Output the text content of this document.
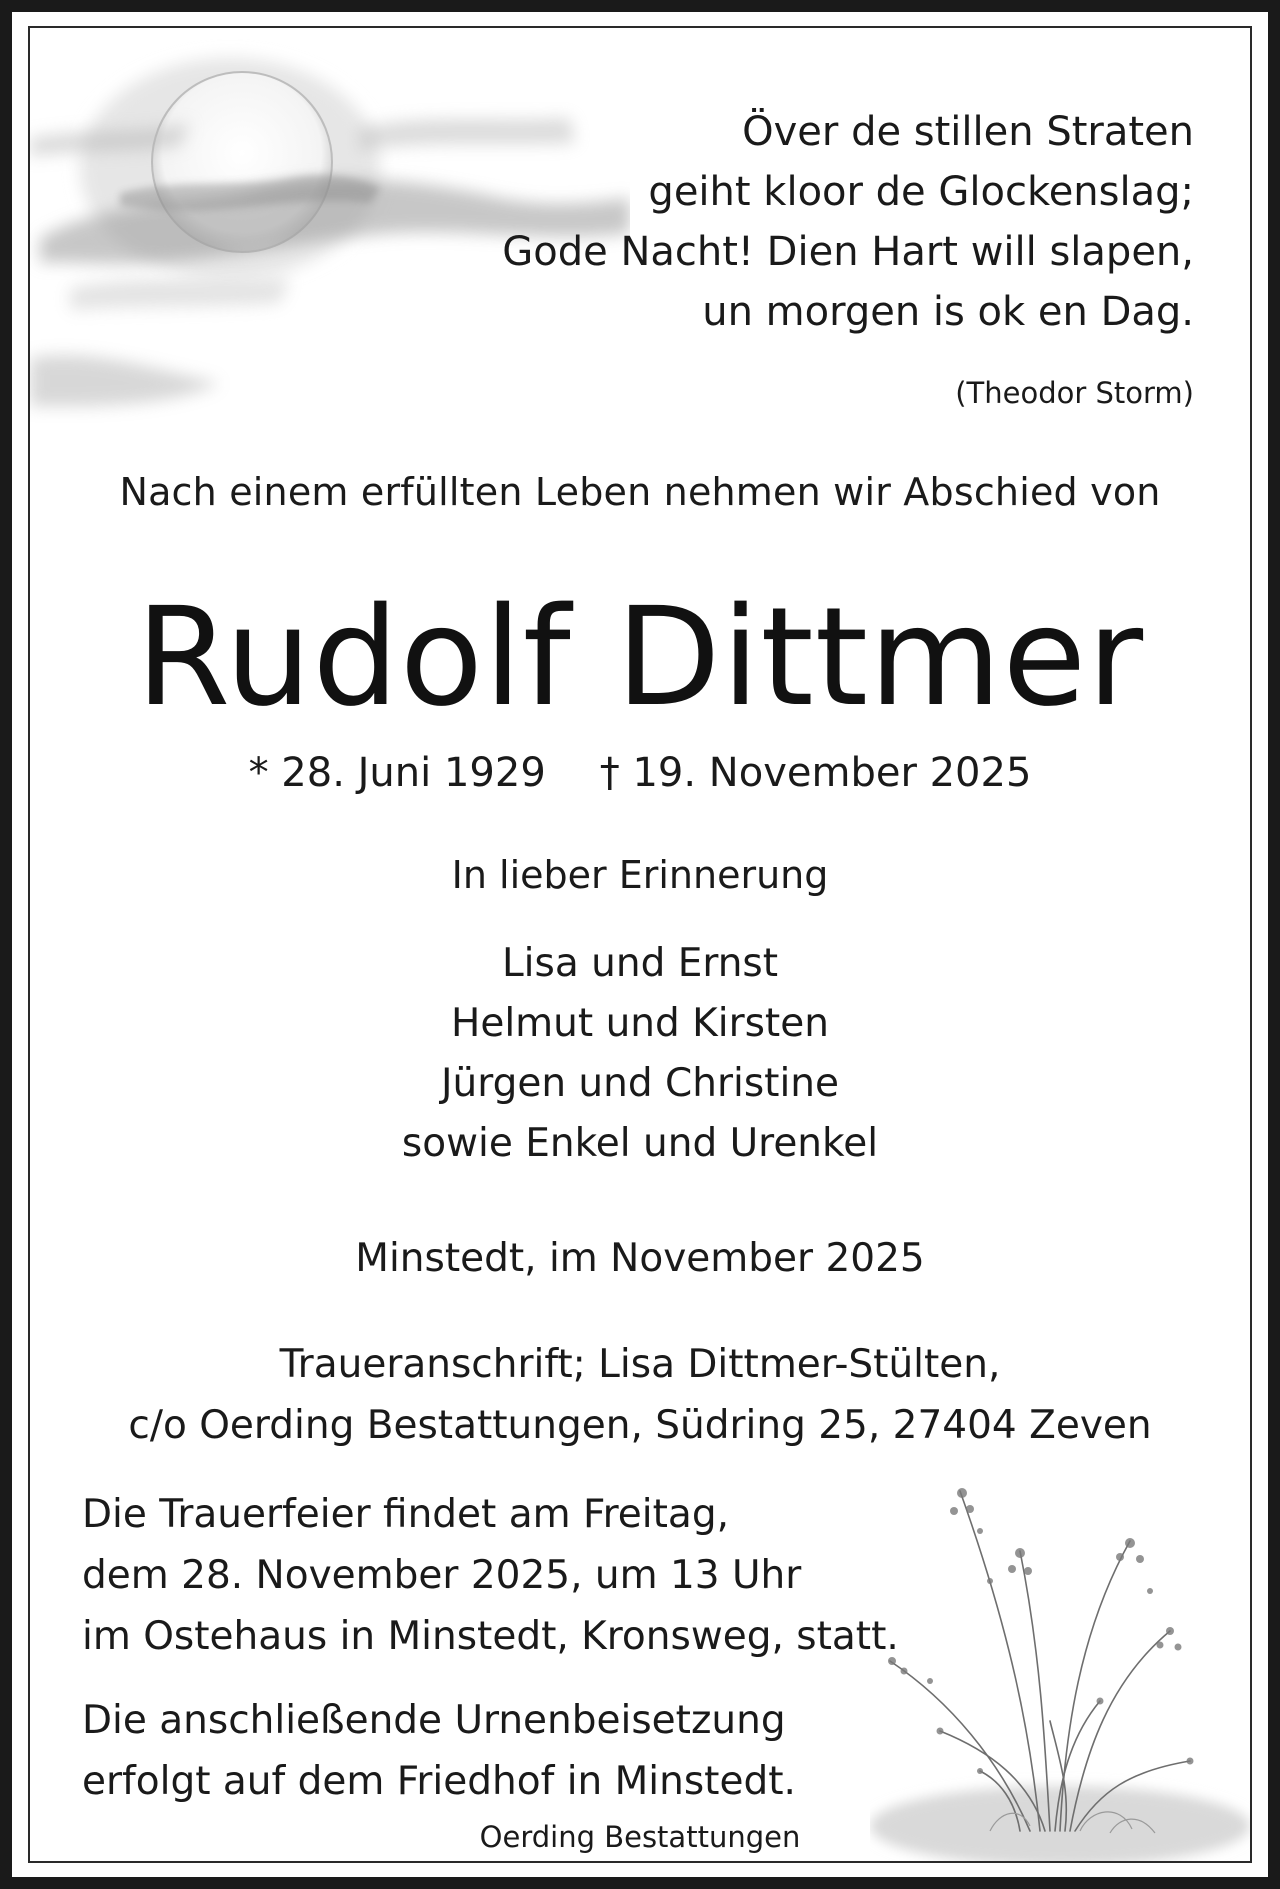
Över de stillen Straten
geiht kloor de Glockenslag;
Gode Nacht! Dien Hart will slapen,
un morgen is ok en Dag.
(Theodor Storm)
Nach einem erfüllten Leben nehmen wir Abschied von
Rudolf Dittmer
* 28. Juni 1929 † 19. November 2025
In lieber Erinnerung
Lisa und Ernst
Helmut und Kirsten
Jürgen und Christine
sowie Enkel und Urenkel
Minstedt, im November 2025
Traueranschrift; Lisa Dittmer-Stülten,
c/o Oerding Bestattungen, Südring 25, 27404 Zeven
Die Trauerfeier findet am Freitag,
dem 28. November 2025, um 13 Uhr
im Ostehaus in Minstedt, Kronsweg, statt.
Die anschließende Urnenbeisetzung
erfolgt auf dem Friedhof in Minstedt.
Oerding Bestattungen
